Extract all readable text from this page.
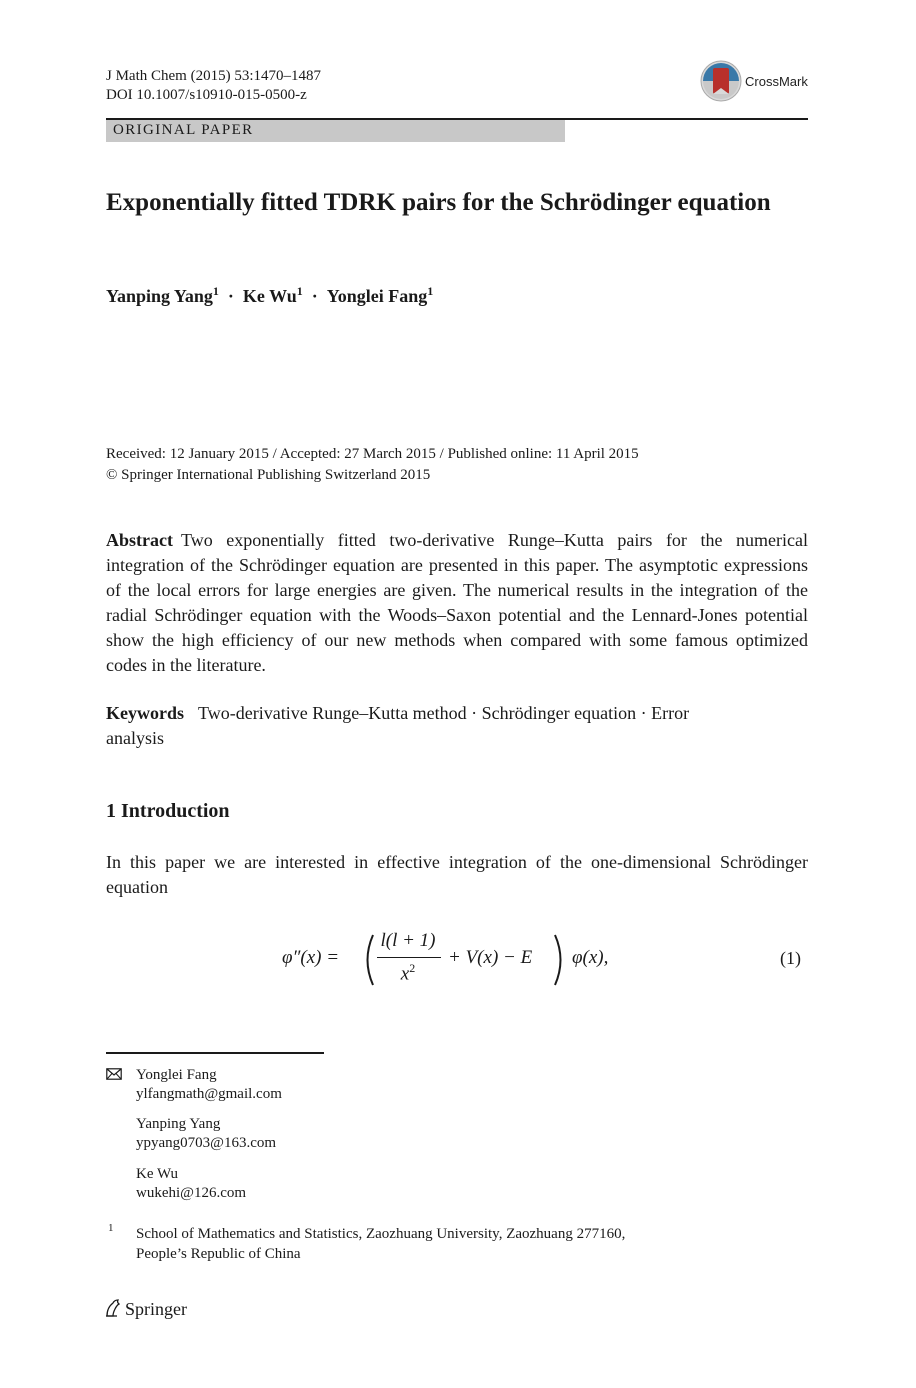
J Math Chem (2015) 53:1470–1487
DOI 10.1007/s10910-015-0500-z
CrossMark
ORIGINAL PAPER
Exponentially fitted TDRK pairs for the Schrödinger equation
Yanping Yang$^1$ · Ke $Wu^1$ · Yonglei Fang$^1$
Received: 12 January 2015 / Accepted: 27 March 2015 / Published online: 11 April 2015
© Springer International Publishing Switzerland 2015
Abstract Two exponentially fitted two-derivative Runge–Kutta pairs for the numerical integration of the Schrödinger equation are presented in this paper. The asymptotic expressions of the local errors for large energies are given. The numerical results in the integration of the radial Schrödinger equation with the Woods–Saxon potential and the Lennard-Jones potential show the high efficiency of our new methods when compared with some famous optimized codes in the literature.
Keywords Two-derivative Runge–Kutta method · Schrödinger equation · Error analysis
1 Introduction
In this paper we are interested in effective integration of the one-dimensional Schrödinger equation
φ″(x) =
l(l + 1)
$x^2$	+ V(x) − E φ(x),	(1)
Yonglei Fang
ylfangmath@gmail.com
Yanping Yang
ypyang0703@163.com
Ke Wu
wukehi@126.com
1 School of Mathematics and Statistics, Zaozhuang University, Zaozhuang 277160,
People’s Republic of China
Springer
